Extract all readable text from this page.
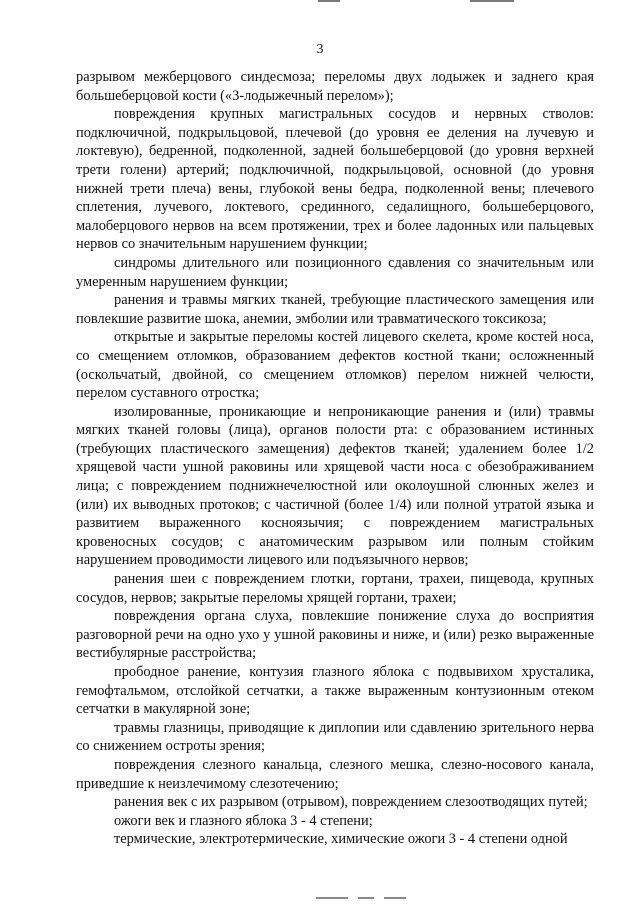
3

разрывом межберцового синдесмоза; переломы двух лодыжек и заднего края большеберцовой кости («3-лодыжечный перелом»);

повреждения крупных магистральных сосудов и нервных стволов: подключичной, подкрыльцовой, плечевой (до уровня ее деления на лучевую и локтевую), бедренной, подколенной, задней большеберцовой (до уровня верхней трети голени) артерий; подключичной, подкрыльцовой, основной (до уровня нижней трети плеча) вены, глубокой вены бедра, подколенной вены; плечевого сплетения, лучевого, локтевого, срединного, седалищного, большеберцового, малоберцового нервов на всем протяжении, трех и более ладонных или пальцевых нервов со значительным нарушением функции;

синдромы длительного или позиционного сдавления со значительным или умеренным нарушением функции;

ранения и травмы мягких тканей, требующие пластического замещения или повлекшие развитие шока, анемии, эмболии или травматического токсикоза;

открытые и закрытые переломы костей лицевого скелета, кроме костей носа, со смещением отломков, образованием дефектов костной ткани; осложненный (оскольчатый, двойной, со смещением отломков) перелом нижней челюсти, перелом суставного отростка;

изолированные, проникающие и непроникающие ранения и (или) травмы мягких тканей головы (лица), органов полости рта: с образованием истинных (требующих пластического замещения) дефектов тканей; удалением более 1/2 хрящевой части ушной раковины или хрящевой части носа с обезображиванием лица; с повреждением поднижнечелюстной или околоушной слюнных желез и (или) их выводных протоков; с частичной (более 1/4) или полной утратой языка и развитием выраженного косноязычия; с повреждением магистральных кровеносных сосудов; с анатомическим разрывом или полным стойким нарушением проводимости лицевого или подъязычного нервов;

ранения шеи с повреждением глотки, гортани, трахеи, пищевода, крупных сосудов, нервов; закрытые переломы хрящей гортани, трахеи;

повреждения органа слуха, повлекшие понижение слуха до восприятия разговорной речи на одно ухо у ушной раковины и ниже, и (или) резко выраженные вестибулярные расстройства;

прободное ранение, контузия глазного яблока с подвывихом хрусталика, гемофтальмом, отслойкой сетчатки, а также выраженным контузионным отеком сетчатки в макулярной зоне;

травмы глазницы, приводящие к диплопии или сдавлению зрительного нерва со снижением остроты зрения;

повреждения слезного канальца, слезного мешка, слезно-носового канала, приведшие к неизлечимому слезотечению;

ранения век с их разрывом (отрывом), повреждением слезоотводящих путей;

ожоги век и глазного яблока 3 - 4 степени;

термические, электротермические, химические ожоги 3 - 4 степени одной
